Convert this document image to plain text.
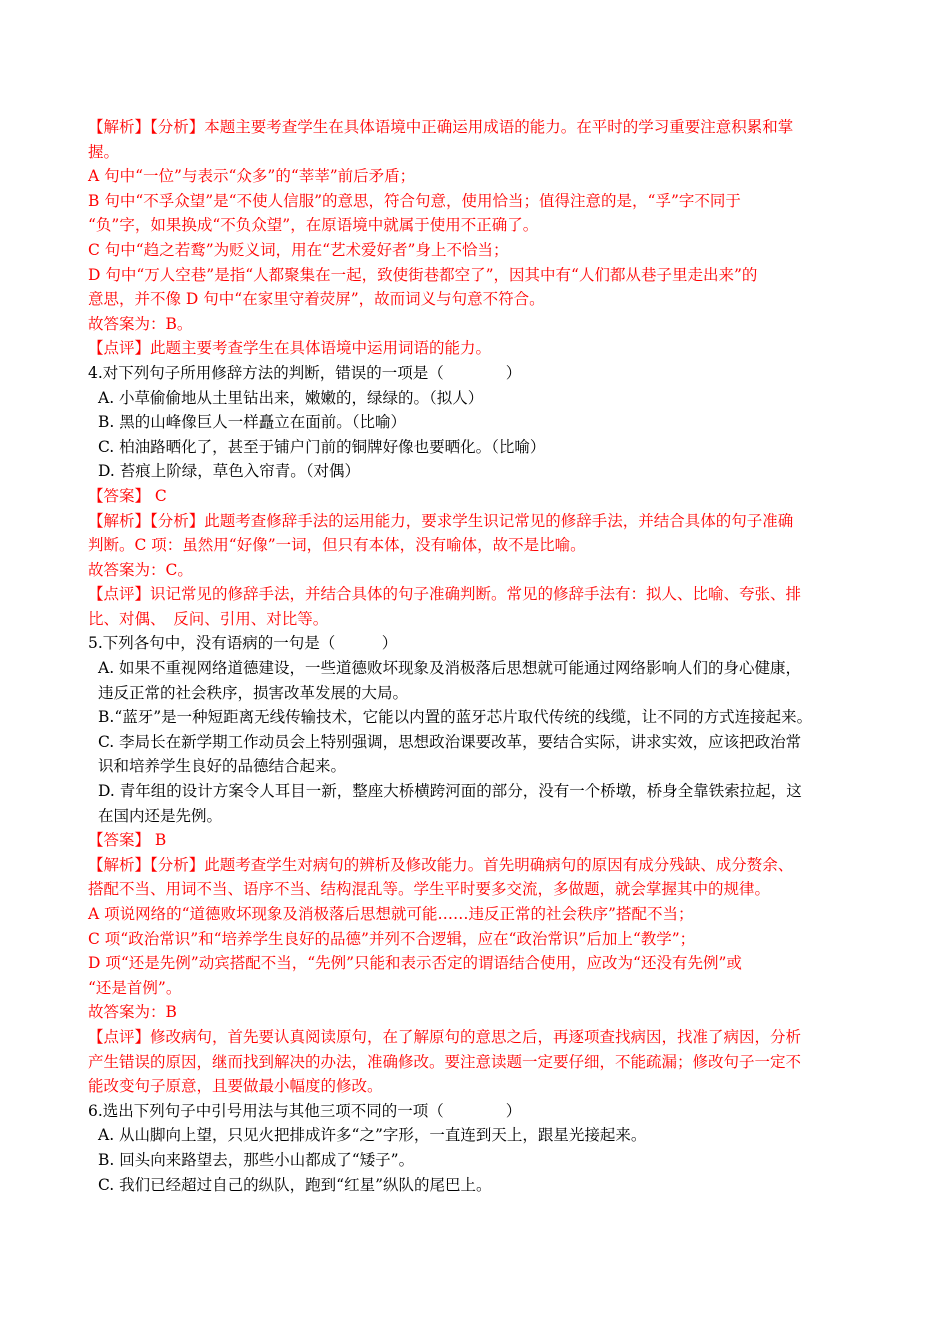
【解析】【分析】本题主要考查学生在具体语境中正确运用成语的能力。在平时的学习重要注意积累和掌
握。
A 句中“一位”与表示“众多”的“莘莘”前后矛盾；
B 句中“不孚众望”是“不使人信服”的意思，符合句意，使用恰当；值得注意的是，“孚”字不同于
“负”字，如果换成“不负众望”，在原语境中就属于使用不正确了。
C 句中“趋之若鹜”为贬义词，用在“艺术爱好者”身上不恰当；
D 句中“万人空巷”是指“人都聚集在一起，致使街巷都空了”，因其中有“人们都从巷子里走出来”的
意思，并不像 D 句中“在家里守着荧屏”，故而词义与句意不符合。
故答案为：B。
【点评】此题主要考查学生在具体语境中运用词语的能力。
4.对下列句子所用修辞方法的判断，错误的一项是（　　　　）
A. 小草偷偷地从土里钻出来，嫩嫩的，绿绿的。（拟人）
B. 黑的山峰像巨人一样矗立在面前。（比喻）
C. 柏油路晒化了，甚至于铺户门前的铜牌好像也要晒化。（比喻）
D. 苔痕上阶绿，草色入帘青。（对偶）
【答案】 C
【解析】【分析】此题考查修辞手法的运用能力，要求学生识记常见的修辞手法，并结合具体的句子准确
判断。C 项：虽然用“好像”一词，但只有本体，没有喻体，故不是比喻。
故答案为：C。
【点评】识记常见的修辞手法，并结合具体的句子准确判断。常见的修辞手法有：拟人、比喻、夸张、排
比、对偶、　反问、引用、对比等。
5.下列各句中，没有语病的一句是（　　　）
A. 如果不重视网络道德建设，一些道德败坏现象及消极落后思想就可能通过网络影响人们的身心健康，
违反正常的社会秩序，损害改革发展的大局。
B.“蓝牙”是一种短距离无线传输技术，它能以内置的蓝牙芯片取代传统的线缆，让不同的方式连接起来。
C. 李局长在新学期工作动员会上特别强调，思想政治课要改革，要结合实际，讲求实效，应该把政治常
识和培养学生良好的品德结合起来。
D. 青年组的设计方案令人耳目一新，整座大桥横跨河面的部分，没有一个桥墩，桥身全靠铁索拉起，这
在国内还是先例。
【答案】 B
【解析】【分析】此题考查学生对病句的辨析及修改能力。首先明确病句的原因有成分残缺、成分赘余、
搭配不当、用词不当、语序不当、结构混乱等。学生平时要多交流，多做题，就会掌握其中的规律。
A 项说网络的“道德败坏现象及消极落后思想就可能……违反正常的社会秩序”搭配不当；
C 项“政治常识”和“培养学生良好的品德”并列不合逻辑，应在“政治常识”后加上“教学”；
D 项“还是先例”动宾搭配不当，“先例”只能和表示否定的谓语结合使用，应改为“还没有先例”或
“还是首例”。
故答案为：B
【点评】修改病句，首先要认真阅读原句，在了解原句的意思之后，再逐项查找病因，找准了病因，分析
产生错误的原因，继而找到解决的办法，准确修改。要注意读题一定要仔细，不能疏漏；修改句子一定不
能改变句子原意，且要做最小幅度的修改。
6.选出下列句子中引号用法与其他三项不同的一项（　　　　）
A. 从山脚向上望，只见火把排成许多“之”字形，一直连到天上，跟星光接起来。
B. 回头向来路望去，那些小山都成了“矮子”。
C. 我们已经超过自己的纵队，跑到“红星”纵队的尾巴上。
